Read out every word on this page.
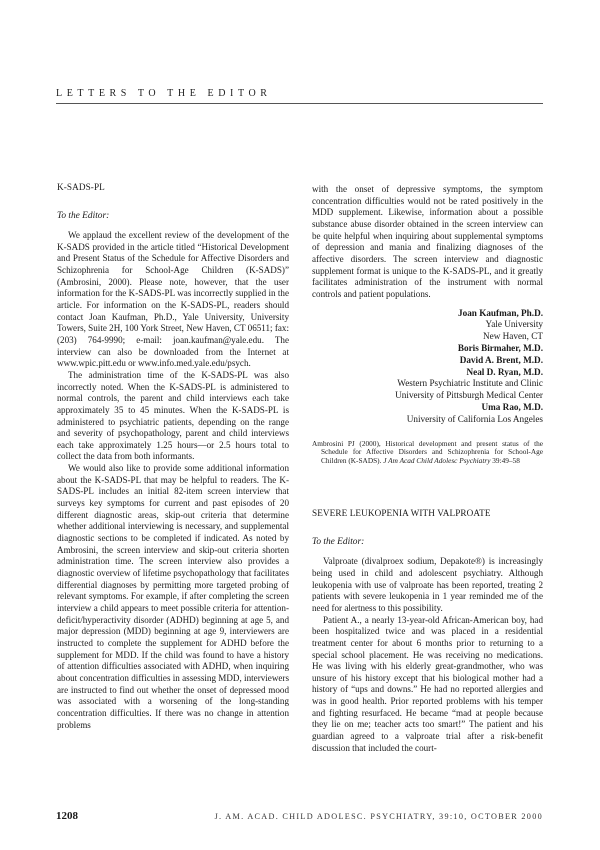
LETTERS TO THE EDITOR
K-SADS-PL
To the Editor:

We applaud the excellent review of the development of the K-SADS provided in the article titled “Historical Development and Present Status of the Schedule for Affective Disorders and Schizophrenia for School-Age Children (K-SADS)” (Ambrosini, 2000). Please note, however, that the user information for the K-SADS-PL was incorrectly supplied in the article. For information on the K-SADS-PL, readers should contact Joan Kaufman, Ph.D., Yale University, University Towers, Suite 2H, 100 York Street, New Haven, CT 06511; fax: (203) 764-9990; e-mail: joan.kaufman@yale.edu. The interview can also be downloaded from the Internet at www.wpic.pitt.edu or www.info.med.yale.edu/psych.

The administration time of the K-SADS-PL was also incorrectly noted. When the K-SADS-PL is administered to normal controls, the parent and child interviews each take approximately 35 to 45 minutes. When the K-SADS-PL is administered to psychiatric patients, depending on the range and severity of psychopathology, parent and child interviews each take approximately 1.25 hours—or 2.5 hours total to collect the data from both informants.

We would also like to provide some additional information about the K-SADS-PL that may be helpful to readers. The K-SADS-PL includes an initial 82-item screen interview that surveys key symptoms for current and past episodes of 20 different diagnostic areas, skip-out criteria that determine whether additional interviewing is necessary, and supplemental diagnostic sections to be completed if indicated. As noted by Ambrosini, the screen interview and skip-out criteria shorten administration time. The screen interview also provides a diagnostic overview of lifetime psychopathology that facilitates differential diagnoses by permitting more targeted probing of relevant symptoms. For example, if after completing the screen interview a child appears to meet possible criteria for attention-deficit/hyperactivity disorder (ADHD) beginning at age 5, and major depression (MDD) beginning at age 9, interviewers are instructed to complete the supplement for ADHD before the supplement for MDD. If the child was found to have a history of attention difficulties associated with ADHD, when inquiring about concentration difficulties in assessing MDD, interviewers are instructed to find out whether the onset of depressed mood was associated with a worsening of the long-standing concentration difficulties. If there was no change in attention problems

with the onset of depressive symptoms, the symptom concentration difficulties would not be rated positively in the MDD supplement. Likewise, information about a possible substance abuse disorder obtained in the screen interview can be quite helpful when inquiring about supplemental symptoms of depression and mania and finalizing diagnoses of the affective disorders. The screen interview and diagnostic supplement format is unique to the K-SADS-PL, and it greatly facilitates administration of the instrument with normal controls and patient populations.

Joan Kaufman, Ph.D.
Yale University
New Haven, CT
Boris Birmaher, M.D.
David A. Brent, M.D.
Neal D. Ryan, M.D.
Western Psychiatric Institute and Clinic
University of Pittsburgh Medical Center
Uma Rao, M.D.
University of California Los Angeles
Ambrosini PJ (2000), Historical development and present status of the Schedule for Affective Disorders and Schizophrenia for School-Age Children (K-SADS). J Am Acad Child Adolesc Psychiatry 39:49–58
SEVERE LEUKOPENIA WITH VALPROATE
To the Editor:

Valproate (divalproex sodium, Depakote®) is increasingly being used in child and adolescent psychiatry. Although leukopenia with use of valproate has been reported, treating 2 patients with severe leukopenia in 1 year reminded me of the need for alertness to this possibility.

Patient A., a nearly 13-year-old African-American boy, had been hospitalized twice and was placed in a residential treatment center for about 6 months prior to returning to a special school placement. He was receiving no medications. He was living with his elderly great-grandmother, who was unsure of his history except that his biological mother had a history of “ups and downs.” He had no reported allergies and was in good health. Prior reported problems with his temper and fighting resurfaced. He became “mad at people because they lie on me; teacher acts too smart!” The patient and his guardian agreed to a valproate trial after a risk-benefit discussion that included the court-

1208	J. AM. ACAD. CHILD ADOLESC. PSYCHIATRY, 39:10, OCTOBER 2000
